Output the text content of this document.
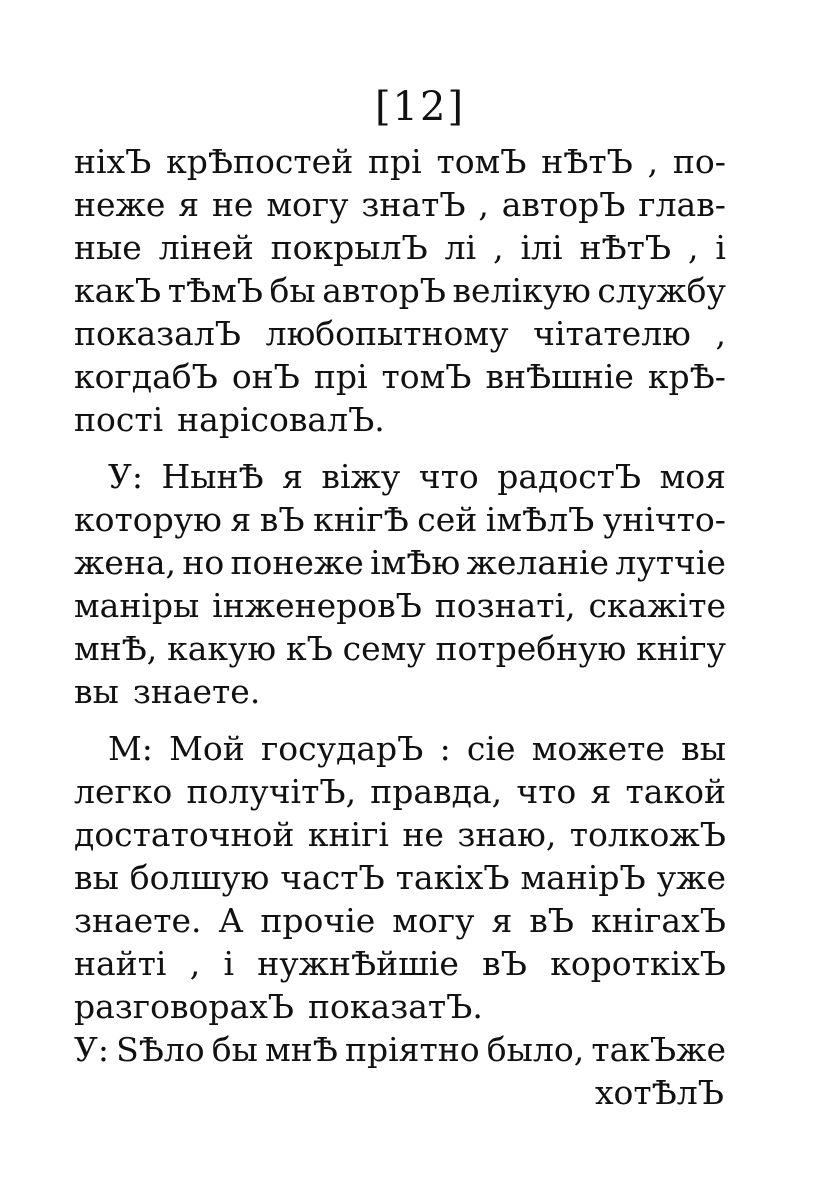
[12]
нiхЪ крѢпостей прi томЪ нѢтЪ , по-
неже я не могу знатЪ , авторЪ глав-
ные лiней покрылЪ лi , iлi нѢтЪ , i
какЪ тѢмЪ бы авторЪ велiкую службу
показалЪ любопытному чiтателю ,
когдабЪ онЪ прi томЪ внѢшнiе крѢ-
постi нарiсовалЪ.
У: НынѢ я вiжу что радостЪ моя
которую я вЪ кнiгѢ сей iмѢлЪ унiчто-
жена, но понеже iмѢю желанiе лутчiе
манiры iнженеровЪ познатi, скажiте
мнѢ, какую кЪ сему потребную кнiгу
вы знаете.
М: Мой государЪ : сiе можете вы
легко получiтЪ, правда, что я такой
достаточной кнiгi не знаю, толкожЪ
вы болшую частЪ такiхЪ манiрЪ уже
знаете. А прочiе могу я вЪ кнiгахЪ
найтi , i нужнѢйшiе вЪ короткiхЪ
разговорахЪ показатЪ.
У: ЅѢло бы мнѢ прiятно было, такЪже
хотѢлЪ
